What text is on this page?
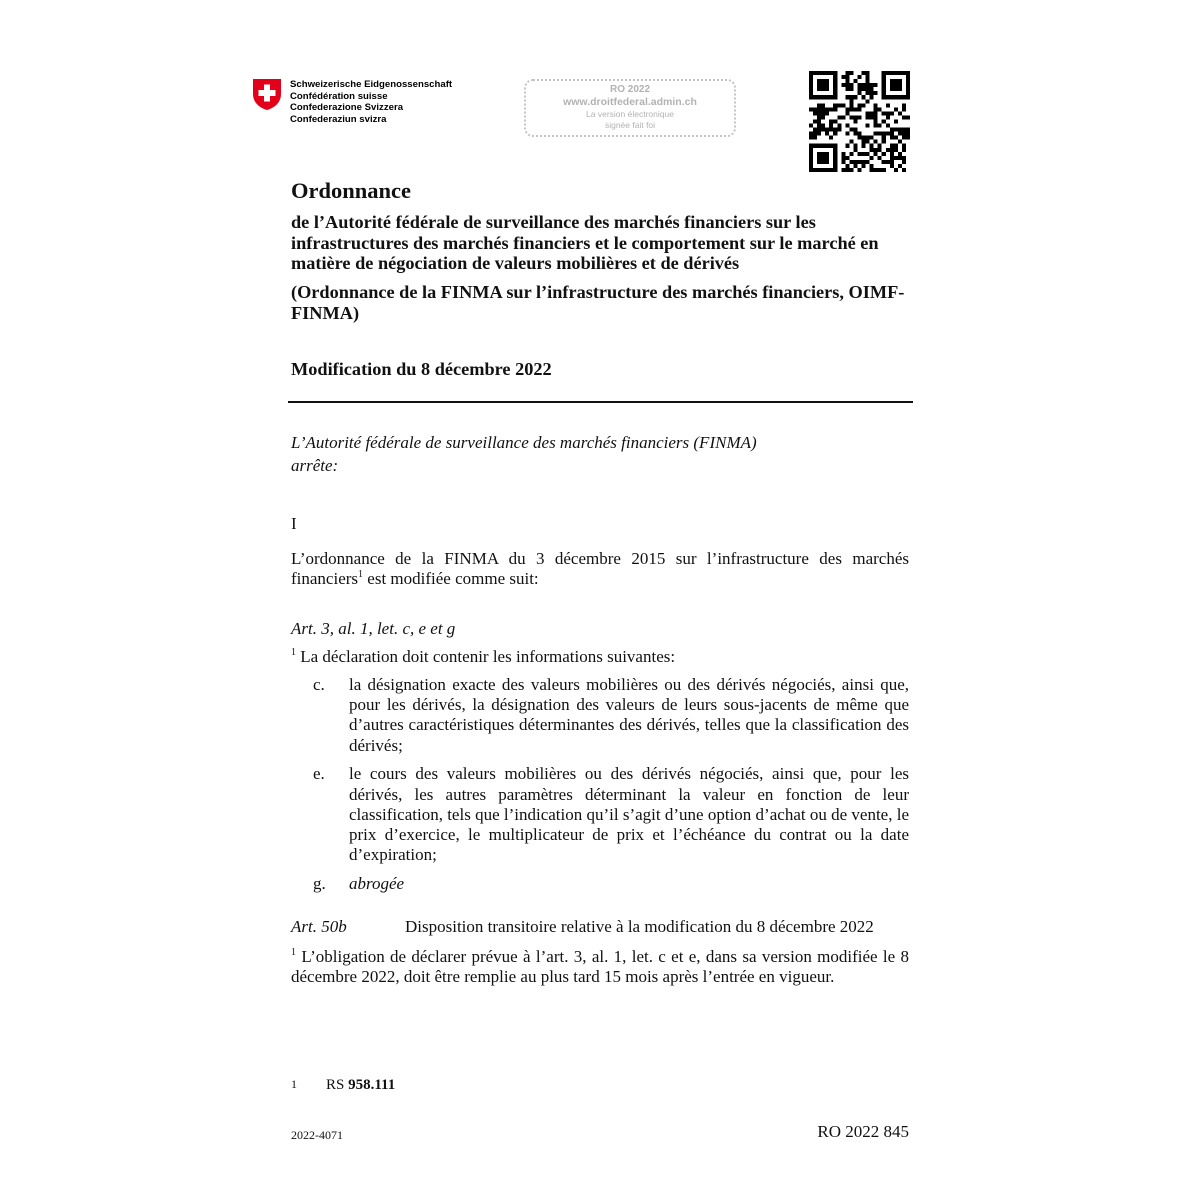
Schweizerische Eidgenossenschaft
Confédération suisse
Confederazione Svizzera
Confederaziun svizra
RO 2022
www.droitfederal.admin.ch
La version électronique
signée fait foi
Ordonnance
de l’Autorité fédérale de surveillance des marchés financiers sur les infrastructures des marchés financiers et le comportement sur le marché en matière de négociation de valeurs mobilières et de dérivés
(Ordonnance de la FINMA sur l’infrastructure des marchés financiers, OIMF-FINMA)
Modification du 8 décembre 2022
L’Autorité fédérale de surveillance des marchés financiers (FINMA)
arrête:
I
L’ordonnance de la FINMA du 3 décembre 2015 sur l’infrastructure des marchés financiers$^1$ est modifiée comme suit:
Art. 3, al. 1, let. c, e et g
$^1$ La déclaration doit contenir les informations suivantes:
c.	la désignation exacte des valeurs mobilières ou des dérivés négociés, ainsi que, pour les dérivés, la désignation des valeurs de leurs sous-jacents de même que d’autres caractéristiques déterminantes des dérivés, telles que la classification des dérivés;
e.	le cours des valeurs mobilières ou des dérivés négociés, ainsi que, pour les dérivés, les autres paramètres déterminant la valeur en fonction de leur classification, tels que l’indication qu’il s’agit d’une option d’achat ou de vente, le prix d’exercice, le multiplicateur de prix et l’échéance du contrat ou la date d’expiration;
g.	abrogée
Art. 50b	Disposition transitoire relative à la modification du 8 décembre 2022
$^1$ L’obligation de déclarer prévue à l’art. 3, al. 1, let. c et e, dans sa version modifiée le 8 décembre 2022, doit être remplie au plus tard 15 mois après l’entrée en vigueur.
1	RS 958.111
2022-4071	RO 2022 845
